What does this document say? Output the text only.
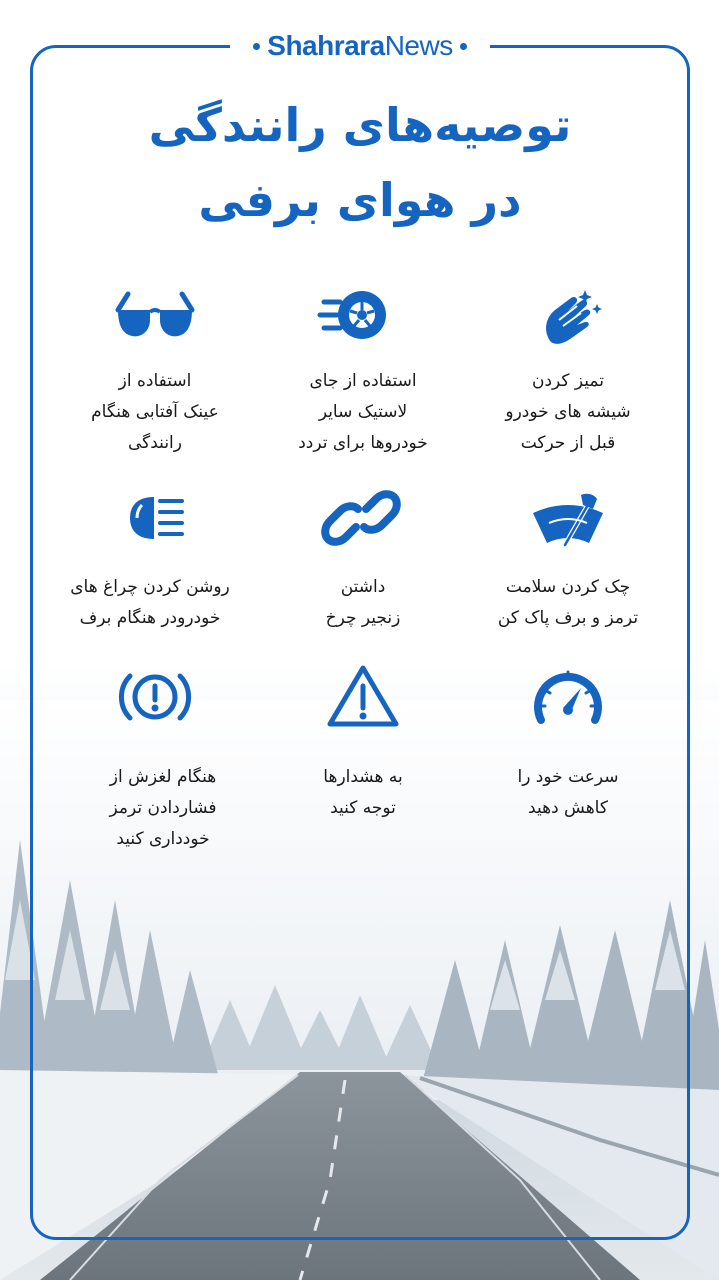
ShahraraNews
توصیه‌های رانندگی
در هوای برفی
تمیز کردن
شیشه های خودرو
قبل از حرکت
استفاده از جای
لاستیک سایر
خودروها برای تردد
استفاده از
عینک آفتابی هنگام
رانندگی
چک کردن سلامت
ترمز و برف پاک کن
داشتن
زنجیر چرخ
روشن کردن چراغ های
خودرودر هنگام برف
سرعت خود را
کاهش دهید
به هشدارها
توجه کنید
هنگام لغزش از
فشاردادن ترمز
خودداری کنید
